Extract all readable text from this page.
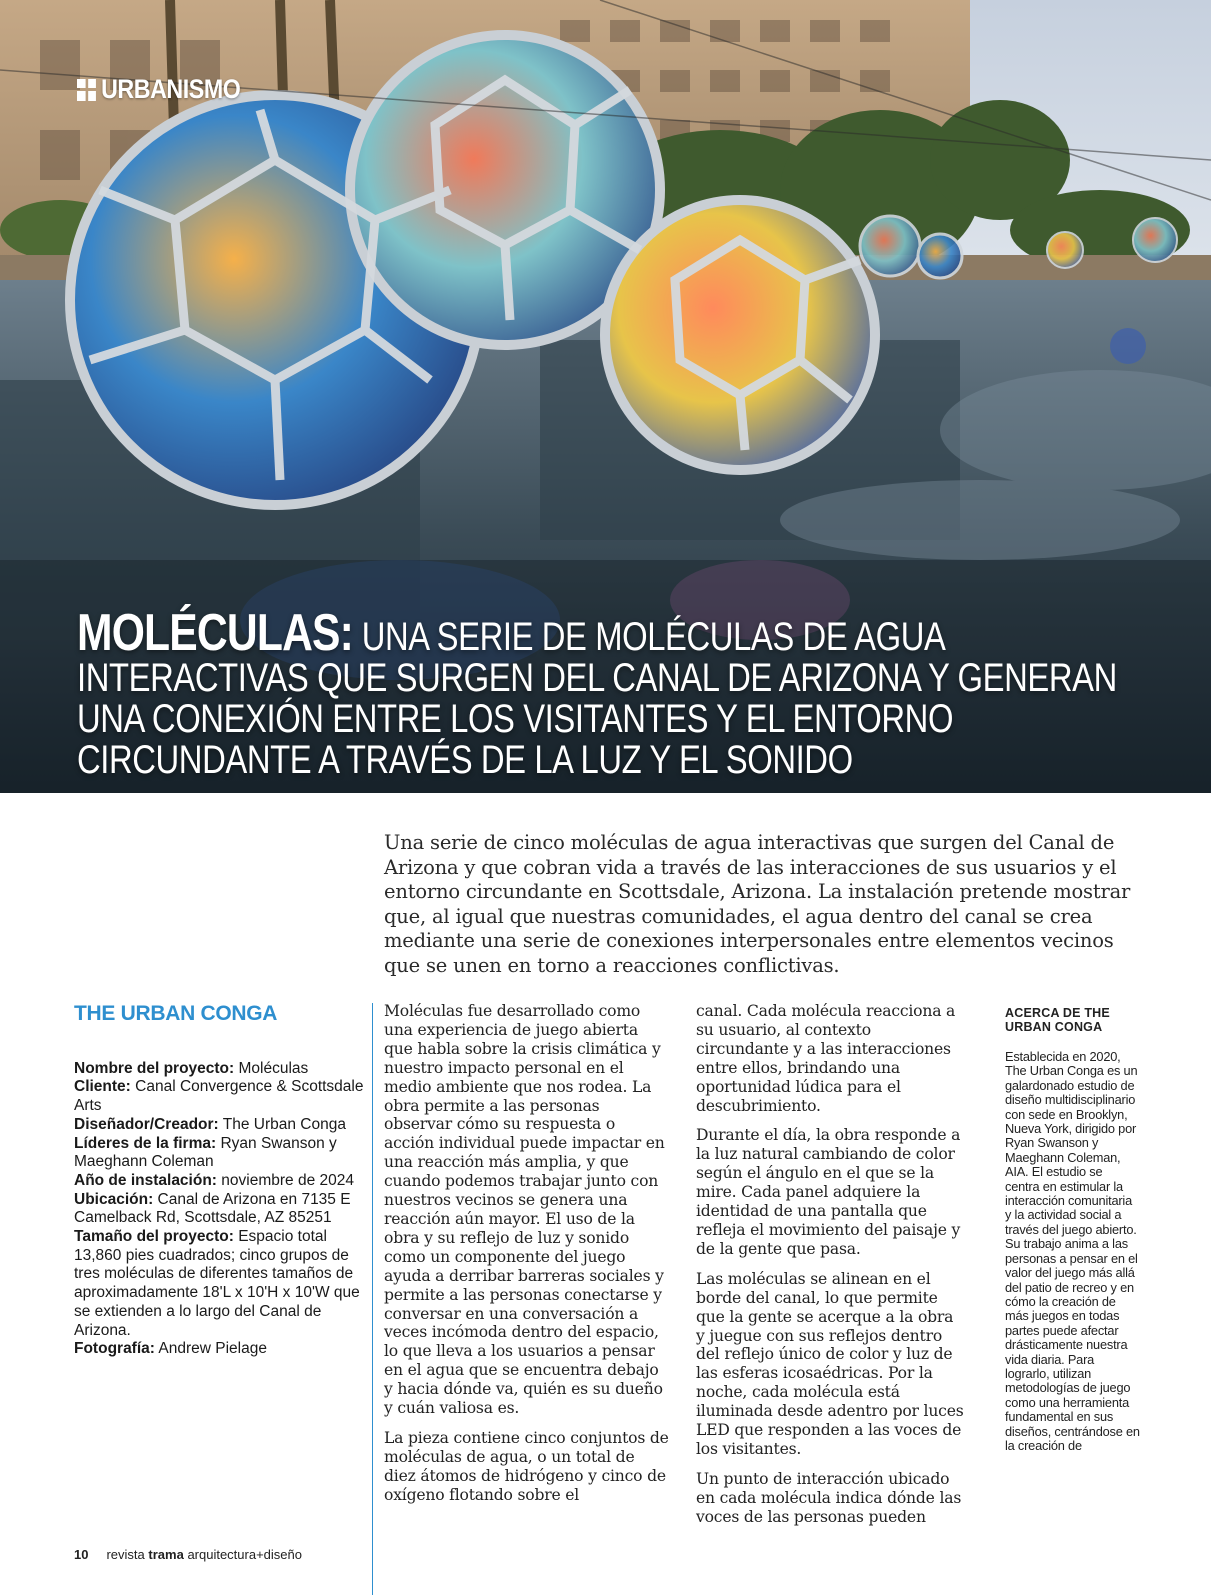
URBANISMO
MOLÉCULAS: UNA SERIE DE MOLÉCULAS DE AGUA
INTERACTIVAS QUE SURGEN DEL CANAL DE ARIZONA Y GENERAN
UNA CONEXIÓN ENTRE LOS VISITANTES Y EL ENTORNO
CIRCUNDANTE A TRAVÉS DE LA LUZ Y EL SONIDO

Una serie de cinco moléculas de agua interactivas que surgen del Canal de Arizona y que cobran vida a través de las interacciones de sus usuarios y el entorno circundante en Scottsdale, Arizona. La instalación pretende mostrar que, al igual que nuestras comunidades, el agua dentro del canal se crea mediante una serie de conexiones interpersonales entre elementos vecinos que se unen en torno a reacciones conflictivas.

THE URBAN CONGA

Nombre del proyecto: Moléculas

Cliente: Canal Convergence & Scottsdale Arts

Diseñador/Creador: The Urban Conga

Líderes de la firma: Ryan Swanson y Maeghann Coleman

Año de instalación: noviembre de 2024

Ubicación: Canal de Arizona en 7135 E Camelback Rd, Scottsdale, AZ 85251

Tamaño del proyecto: Espacio total 13,860 pies cuadrados; cinco grupos de tres moléculas de diferentes tamaños de aproximadamente 18'L x 10'H x 10'W que se extienden a lo largo del Canal de Arizona.

Fotografía: Andrew Pielage

Moléculas fue desarrollado como una experiencia de juego abierta que habla sobre la crisis climática y nuestro impacto personal en el medio ambiente que nos rodea. La obra permite a las personas observar cómo su respuesta o acción individual puede impactar en una reacción más amplia, y que cuando podemos trabajar junto con nuestros vecinos se genera una reacción aún mayor. El uso de la obra y su reflejo de luz y sonido como un componente del juego ayuda a derribar barreras sociales y permite a las personas conectarse y conversar en una conversación a veces incómoda dentro del espacio, lo que lleva a los usuarios a pensar en el agua que se encuentra debajo y hacia dónde va, quién es su dueño y cuán valiosa es.

La pieza contiene cinco conjuntos de moléculas de agua, o un total de diez átomos de hidrógeno y cinco de oxígeno flotando sobre el

canal. Cada molécula reacciona a su usuario, al contexto circundante y a las interacciones entre ellos, brindando una oportunidad lúdica para el descubrimiento.

Durante el día, la obra responde a la luz natural cambiando de color según el ángulo en el que se la mire. Cada panel adquiere la identidad de una pantalla que refleja el movimiento del paisaje y de la gente que pasa.

Las moléculas se alinean en el borde del canal, lo que permite que la gente se acerque a la obra y juegue con sus reflejos dentro del reflejo único de color y luz de las esferas icosaédricas. Por la noche, cada molécula está iluminada desde adentro por luces LED que responden a las voces de los visitantes.

Un punto de interacción ubicado en cada molécula indica dónde las voces de las personas pueden

ACERCA DE THE URBAN CONGA

Establecida en 2020, The Urban Conga es un galardonado estudio de diseño multidisciplinario con sede en Brooklyn, Nueva York, dirigido por Ryan Swanson y Maeghann Coleman, AIA. El estudio se centra en estimular la interacción comunitaria y la actividad social a través del juego abierto. Su trabajo anima a las personas a pensar en el valor del juego más allá del patio de recreo y en cómo la creación de más juegos en todas partes puede afectar drásticamente nuestra vida diaria. Para lograrlo, utilizan metodologías de juego como una herramienta fundamental en sus diseños, centrándose en la creación de

10 revista trama arquitectura+diseño
